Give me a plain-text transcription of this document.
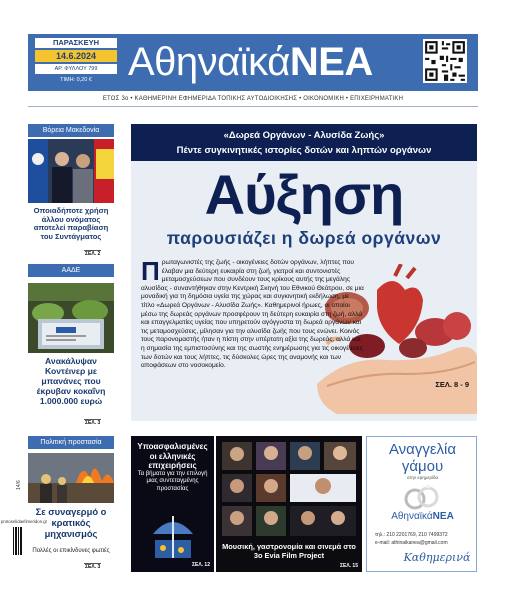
ΠΑΡΑΣΚΕΥΗ
14.6.2024
ΑΡ. ΦΥΛΛΟΥ 799
ΤΙΜΗ: 0,20 € ΑθηναϊκάΝΕΑ
ΕΤΟΣ 3ο • ΚΑΘΗΜΕΡΙΝΗ ΕΦΗΜΕΡΙΔΑ ΤΟΠΙΚΗΣ ΑΥΤΟΔΙΟΙΚΗΣΗΣ • ΟΙΚΟΝΟΜΙΚΗ • ΕΠΙΧΕΙΡΗΜΑΤΙΚΗ
Βόρεια Μακεδονία
Οποιαδήποτε χρήση άλλου ονόματος αποτελεί παραβίαση του Συντάγματος
ΣΕΛ. 2
ΑΑΔΕ
Ανακάλυψαν Κοντέινερ με μπανάνες που έκρυβαν κοκαΐνη 1.000.000 ευρώ
ΣΕΛ. 3
Πολιτική προστασία
Σε συναγερμό ο κρατικός μηχανισμός
Πολλές οι επικίνδυνες φωτιές
ΣΕΛ. 3
«Δωρεά Οργάνων - Αλυσίδα Ζωής»
Πέντε συγκινητικές ιστορίες δοτών και ληπτών οργάνων
Αύξηση
παρουσιάζει η δωρεά οργάνων
Πρωταγωνιστές της ζωής - οικογένειες δοτών οργάνων, λήπτες που έλαβαν μια δεύτερη ευκαιρία στη ζωή, γιατροί και συντονιστές μεταμοσχεύσεων που συνδέουν τους κρίκους αυτής της μεγάλης αλυσίδας - συναντήθηκαν στην Κεντρική Σκηνή του Εθνικού Θεάτρου, σε μια μοναδική για τη δημόσια υγεία της χώρας και συγκινητική εκδήλωση, με τίτλο «Δωρεά Οργάνων - Αλυσίδα Ζωής». Καθημερινοί ήρωες, οι οποίοι μέσω της δωρεάς οργάνων προσφέρουν τη δεύτερη ευκαιρία στη ζωή, αλλά και επαγγελματίες υγείας που υπηρετούν αγόγγυστα τη δωρεά οργάνων και τις μεταμοσχεύσεις, μίλησαν για την αλυσίδα ζωής που τους ενώνει. Κοινός τους παρονομαστής ήταν η πίστη στην υπέρτατη αξία της δωρεάς, αλλά και η σημασία της εμπιστοσύνης και της σωστής ενημέρωσης για τις οικογένειες των δοτών και τους λήπτες, τις δύσκολες ώρες της αναμονής και των αποφάσεων στο νοσοκομείο.
ΣΕΛ. 8 - 9
Υποασφαλισμένες οι ελληνικές επιχειρήσεις
Τα βήματα για την επιλογή μιας συντεταγμένης προστασίας
ΣΕΛ. 12
Μουσική, γαστρονομία και σινεμά στο 3ο Evia Film Project
ΣΕΛ. 15
Αναγγελία γάμου
στην εφημερίδα
ΑθηναϊκάΝΕΑ
τηλ.: 210 2201769, 210 7499372
e-mail: athinaikanea@gmail.com
Καθημερινά
14/6
protoselidaefimeridon.gr
